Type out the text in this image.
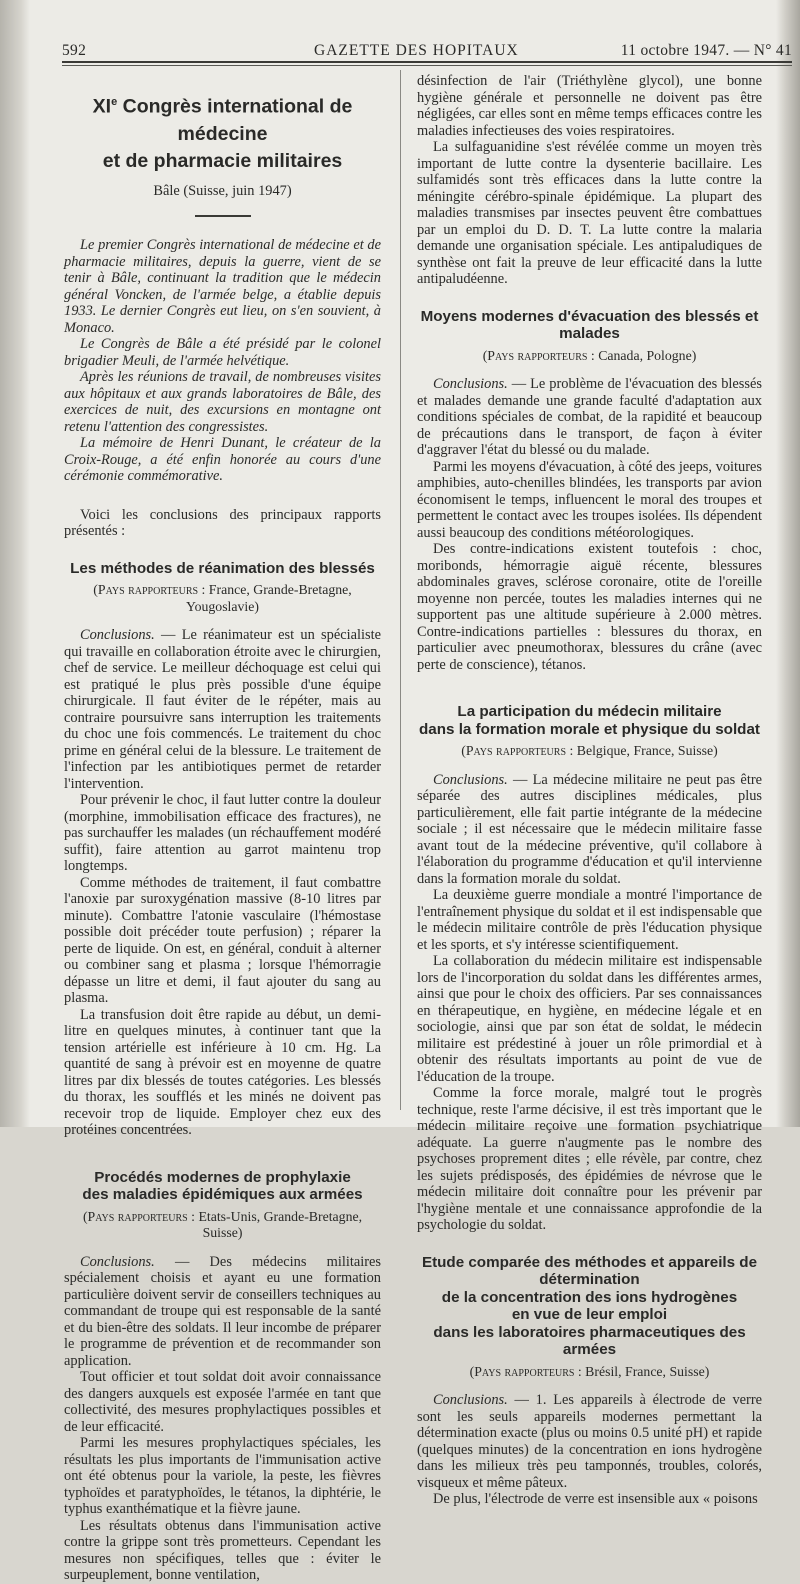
592	GAZETTE DES HOPITAUX	11 octobre 1947. — N° 41
XIe Congrès international de médecine
et de pharmacie militaires
Bâle (Suisse, juin 1947)

Le premier Congrès international de médecine et de pharmacie militaires, depuis la guerre, vient de se tenir à Bâle, continuant la tradition que le médecin général Voncken, de l'armée belge, a établie depuis 1933. Le dernier Congrès eut lieu, on s'en souvient, à Monaco.

Le Congrès de Bâle a été présidé par le colonel brigadier Meuli, de l'armée helvétique.

Après les réunions de travail, de nombreuses visites aux hôpitaux et aux grands laboratoires de Bâle, des exercices de nuit, des excursions en montagne ont retenu l'attention des congressistes.

La mémoire de Henri Dunant, le créateur de la Croix-Rouge, a été enfin honorée au cours d'une cérémonie commémorative.

Voici les conclusions des principaux rapports présentés :

Les méthodes de réanimation des blessés
(Pays rapporteurs : France, Grande-Bretagne, Yougoslavie)

Conclusions. — Le réanimateur est un spécialiste qui travaille en collaboration étroite avec le chirurgien, chef de service. Le meilleur déchoquage est celui qui est pratiqué le plus près possible d'une équipe chirurgicale. Il faut éviter de le répéter, mais au contraire poursuivre sans interruption les traitements du choc une fois commencés. Le traitement du choc prime en général celui de la blessure. Le traitement de l'infection par les antibiotiques permet de retarder l'intervention.

Pour prévenir le choc, il faut lutter contre la douleur (morphine, immobilisation efficace des fractures), ne pas surchauffer les malades (un réchauffement modéré suffit), faire attention au garrot maintenu trop longtemps.

Comme méthodes de traitement, il faut combattre l'anoxie par suroxygénation massive (8-10 litres par minute). Combattre l'atonie vasculaire (l'hémostase possible doit précéder toute perfusion) ; réparer la perte de liquide. On est, en général, conduit à alterner ou combiner sang et plasma ; lorsque l'hémorragie dépasse un litre et demi, il faut ajouter du sang au plasma.

La transfusion doit être rapide au début, un demi-litre en quelques minutes, à continuer tant que la tension artérielle est inférieure à 10 cm. Hg. La quantité de sang à prévoir est en moyenne de quatre litres par dix blessés de toutes catégories. Les blessés du thorax, les soufflés et les minés ne doivent pas recevoir trop de liquide. Employer chez eux des protéines concentrées.

Procédés modernes de prophylaxie
des maladies épidémiques aux armées
(Pays rapporteurs : Etats-Unis, Grande-Bretagne, Suisse)

Conclusions. — Des médecins militaires spécialement choisis et ayant eu une formation particulière doivent servir de conseillers techniques au commandant de troupe qui est responsable de la santé et du bien-être des soldats. Il leur incombe de préparer le programme de prévention et de recommander son application.

Tout officier et tout soldat doit avoir connaissance des dangers auxquels est exposée l'armée en tant que collectivité, des mesures prophylactiques possibles et de leur efficacité.

Parmi les mesures prophylactiques spéciales, les résultats les plus importants de l'immunisation active ont été obtenus pour la variole, la peste, les fièvres typhoïdes et paratyphoïdes, le tétanos, la diphtérie, le typhus exanthématique et la fièvre jaune.

Les résultats obtenus dans l'immunisation active contre la grippe sont très prometteurs. Cependant les mesures non spécifiques, telles que : éviter le surpeuplement, bonne ventilation,

désinfection de l'air (Triéthylène glycol), une bonne hygiène générale et personnelle ne doivent pas être négligées, car elles sont en même temps efficaces contre les maladies infectieuses des voies respiratoires.

La sulfaguanidine s'est révélée comme un moyen très important de lutte contre la dysenterie bacillaire. Les sulfamidés sont très efficaces dans la lutte contre la méningite cérébro-spinale épidémique. La plupart des maladies transmises par insectes peuvent être combattues par un emploi du D. D. T. La lutte contre la malaria demande une organisation spéciale. Les antipaludiques de synthèse ont fait la preuve de leur efficacité dans la lutte antipaludéenne.

Moyens modernes d'évacuation des blessés et malades
(Pays rapporteurs : Canada, Pologne)

Conclusions. — Le problème de l'évacuation des blessés et malades demande une grande faculté d'adaptation aux conditions spéciales de combat, de la rapidité et beaucoup de précautions dans le transport, de façon à éviter d'aggraver l'état du blessé ou du malade.

Parmi les moyens d'évacuation, à côté des jeeps, voitures amphibies, auto-chenilles blindées, les transports par avion économisent le temps, influencent le moral des troupes et permettent le contact avec les troupes isolées. Ils dépendent aussi beaucoup des conditions météorologiques.

Des contre-indications existent toutefois : choc, moribonds, hémorragie aiguë récente, blessures abdominales graves, sclérose coronaire, otite de l'oreille moyenne non percée, toutes les maladies internes qui ne supportent pas une altitude supérieure à 2.000 mètres. Contre-indications partielles : blessures du thorax, en particulier avec pneumothorax, blessures du crâne (avec perte de conscience), tétanos.

La participation du médecin militaire
dans la formation morale et physique du soldat
(Pays rapporteurs : Belgique, France, Suisse)

Conclusions. — La médecine militaire ne peut pas être séparée des autres disciplines médicales, plus particulièrement, elle fait partie intégrante de la médecine sociale ; il est nécessaire que le médecin militaire fasse avant tout de la médecine préventive, qu'il collabore à l'élaboration du programme d'éducation et qu'il intervienne dans la formation morale du soldat.

La deuxième guerre mondiale a montré l'importance de l'entraînement physique du soldat et il est indispensable que le médecin militaire contrôle de près l'éducation physique et les sports, et s'y intéresse scientifiquement.

La collaboration du médecin militaire est indispensable lors de l'incorporation du soldat dans les différentes armes, ainsi que pour le choix des officiers. Par ses connaissances en thérapeutique, en hygiène, en médecine légale et en sociologie, ainsi que par son état de soldat, le médecin militaire est prédestiné à jouer un rôle primordial et à obtenir des résultats importants au point de vue de l'éducation de la troupe.

Comme la force morale, malgré tout le progrès technique, reste l'arme décisive, il est très important que le médecin militaire reçoive une formation psychiatrique adéquate. La guerre n'augmente pas le nombre des psychoses proprement dites ; elle révèle, par contre, chez les sujets prédisposés, des épidémies de névrose que le médecin militaire doit connaître pour les prévenir par l'hygiène mentale et une connaissance approfondie de la psychologie du soldat.

Etude comparée des méthodes et appareils de détermination
de la concentration des ions hydrogènes
en vue de leur emploi
dans les laboratoires pharmaceutiques des armées
(Pays rapporteurs : Brésil, France, Suisse)

Conclusions. — 1. Les appareils à électrode de verre sont les seuls appareils modernes permettant la détermination exacte (plus ou moins 0.5 unité pH) et rapide (quelques minutes) de la concentration en ions hydrogène dans les milieux très peu tamponnés, troubles, colorés, visqueux et même pâteux.

De plus, l'électrode de verre est insensible aux « poisons
